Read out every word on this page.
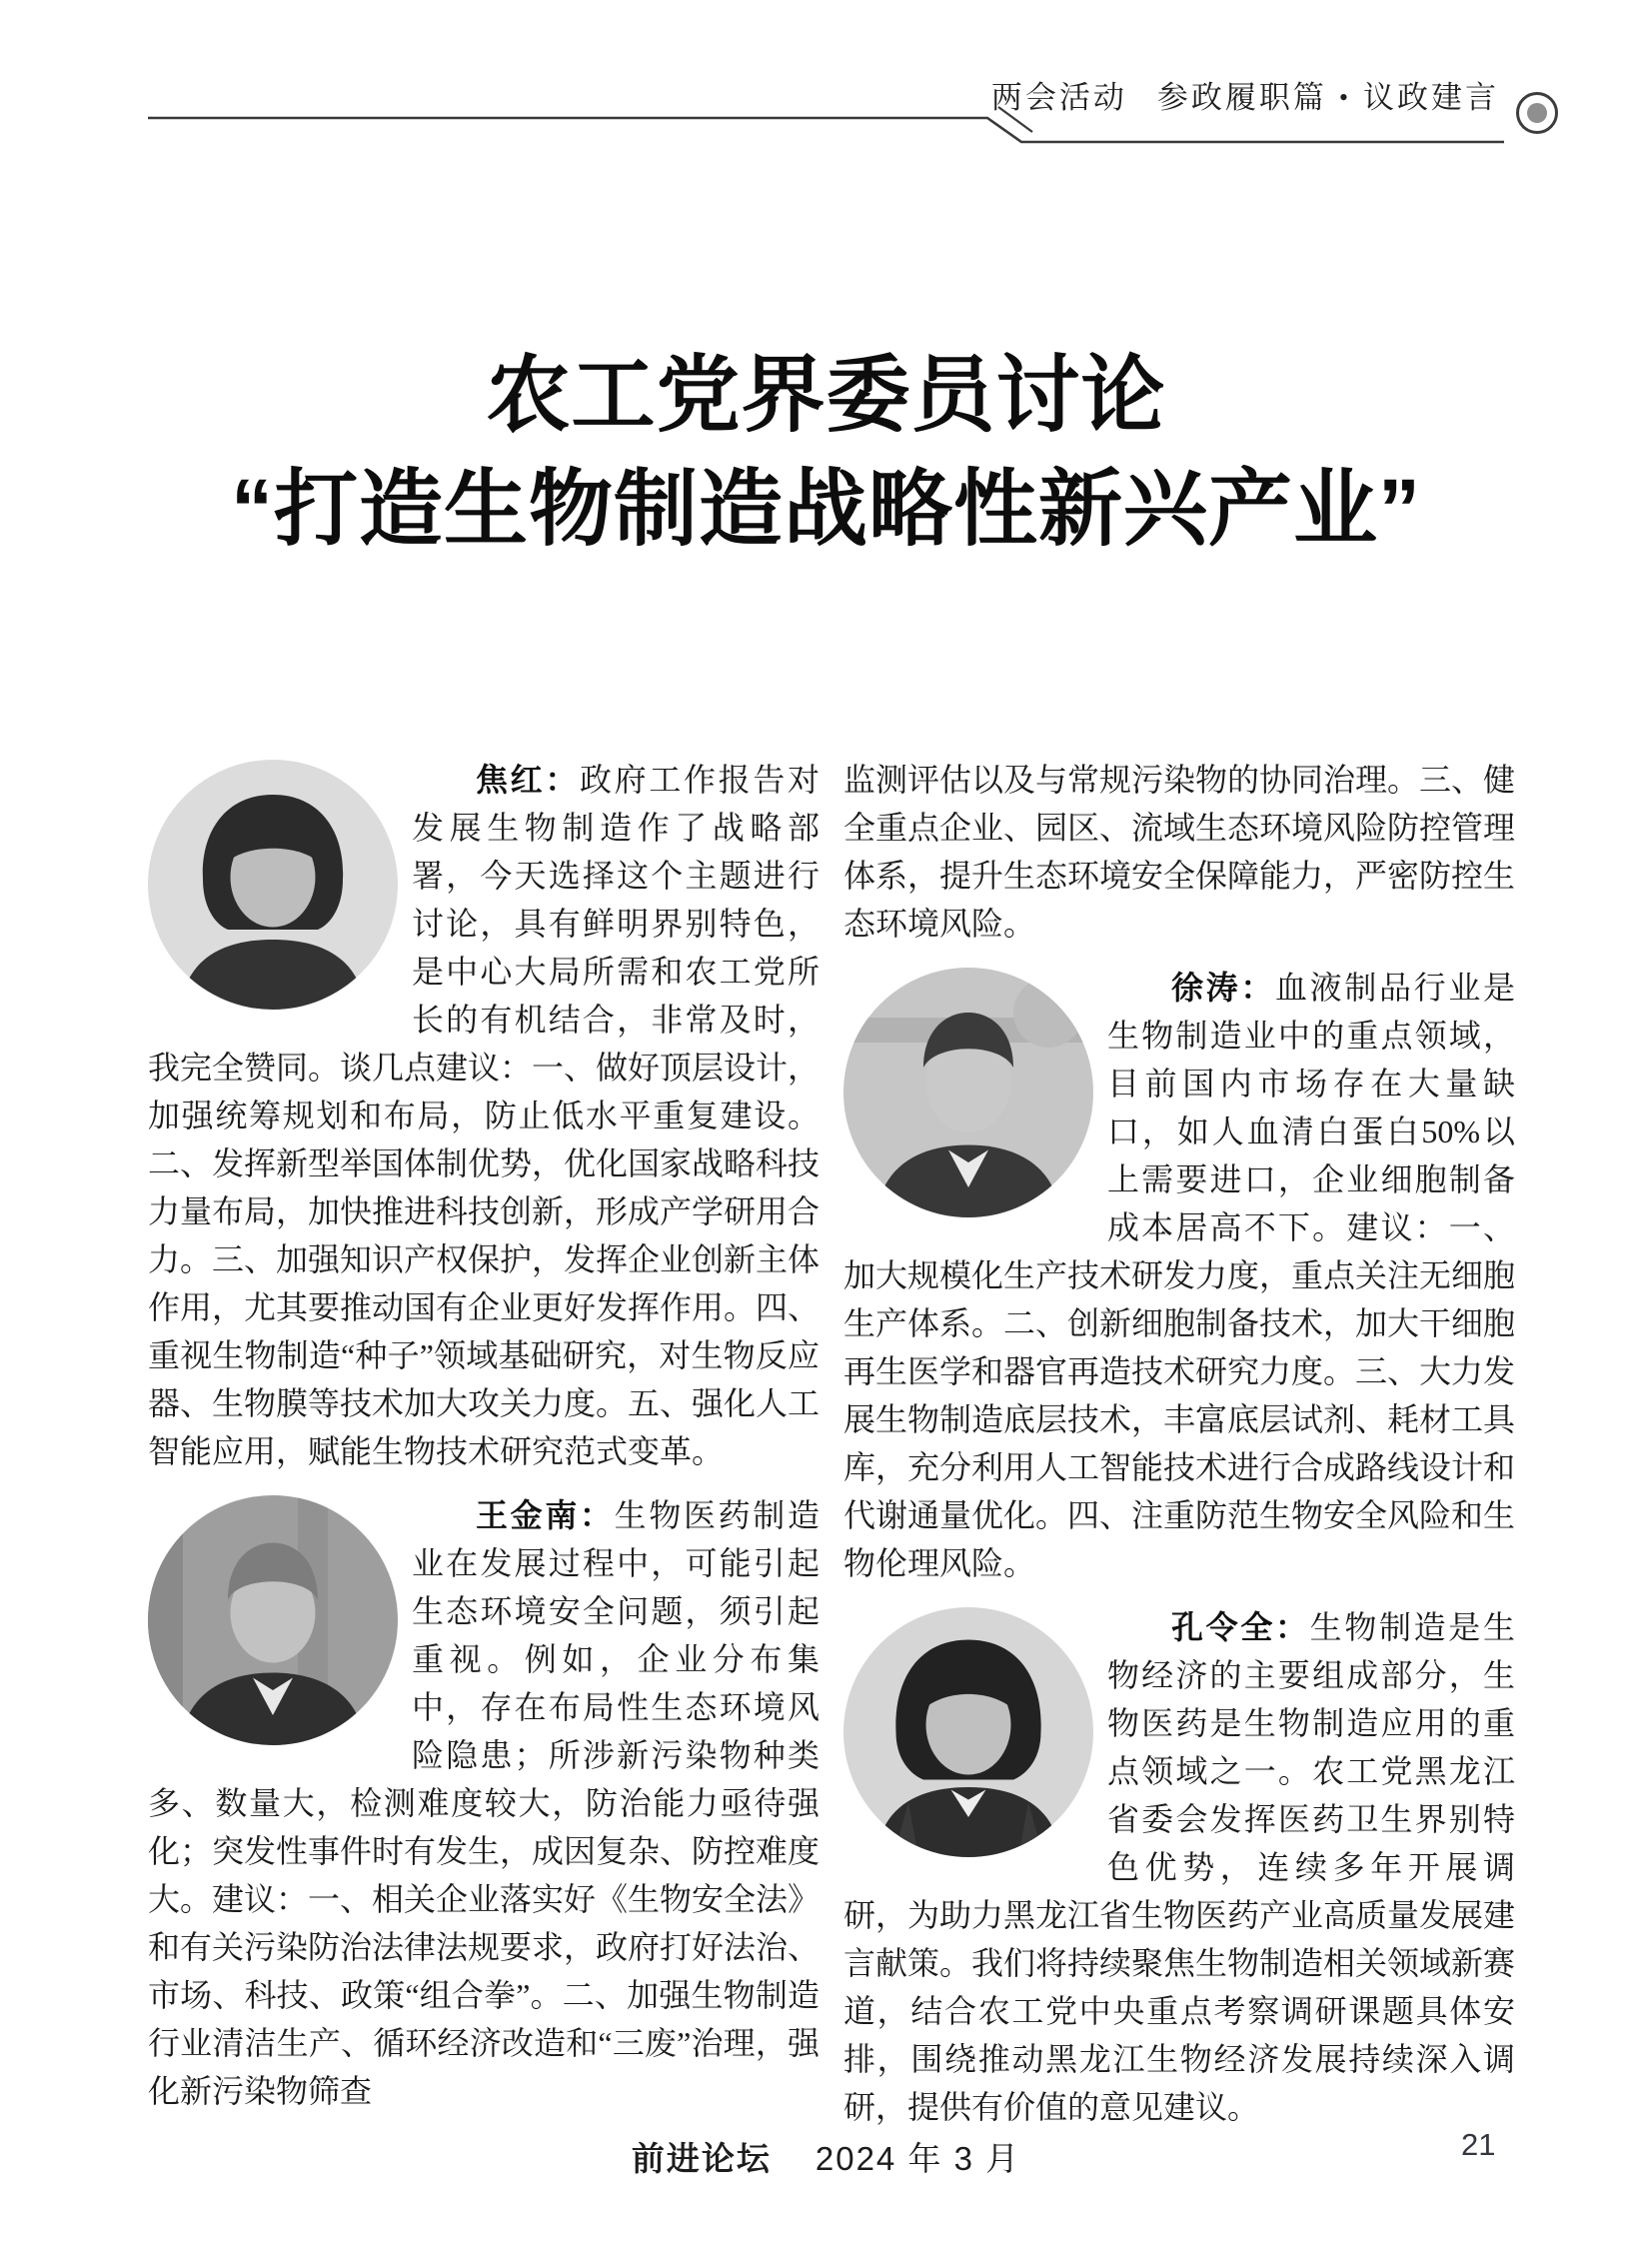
两会活动 参政履职篇 • 议政建言
农工党界委员讨论
“打造生物制造战略性新兴产业”

焦红：政府工作报告对发展生物制造作了战略部署，今天选择这个主题进行讨论，具有鲜明界别特色，是中心大局所需和农工党所长的有机结合，非常及时，我完全赞同。谈几点建议：一、做好顶层设计，加强统筹规划和布局，防止低水平重复建设。二、发挥新型举国体制优势，优化国家战略科技力量布局，加快推进科技创新，形成产学研用合力。三、加强知识产权保护，发挥企业创新主体作用，尤其要推动国有企业更好发挥作用。四、重视生物制造“种子”领域基础研究，对生物反应器、生物膜等技术加大攻关力度。五、强化人工智能应用，赋能生物技术研究范式变革。

王金南：生物医药制造业在发展过程中，可能引起生态环境安全问题，须引起重视。例如，企业分布集中，存在布局性生态环境风险隐患；所涉新污染物种类多、数量大，检测难度较大，防治能力亟待强化；突发性事件时有发生，成因复杂、防控难度大。建议：一、相关企业落实好《生物安全法》和有关污染防治法律法规要求，政府打好法治、市场、科技、政策“组合拳”。二、加强生物制造行业清洁生产、循环经济改造和“三废”治理，强化新污染物筛查

监测评估以及与常规污染物的协同治理。三、健全重点企业、园区、流域生态环境风险防控管理体系，提升生态环境安全保障能力，严密防控生态环境风险。

徐涛：血液制品行业是生物制造业中的重点领域，目前国内市场存在大量缺口，如人血清白蛋白50%以上需要进口，企业细胞制备成本居高不下。建议：一、加大规模化生产技术研发力度，重点关注无细胞生产体系。二、创新细胞制备技术，加大干细胞再生医学和器官再造技术研究力度。三、大力发展生物制造底层技术，丰富底层试剂、耗材工具库，充分利用人工智能技术进行合成路线设计和代谢通量优化。四、注重防范生物安全风险和生物伦理风险。

孔令全：生物制造是生物经济的主要组成部分，生物医药是生物制造应用的重点领域之一。农工党黑龙江省委会发挥医药卫生界别特色优势，连续多年开展调研，为助力黑龙江省生物医药产业高质量发展建言献策。我们将持续聚焦生物制造相关领域新赛道，结合农工党中央重点考察调研课题具体安排，围绕推动黑龙江生物经济发展持续深入调研，提供有价值的意见建议。

前进论坛 2024 年 3 月	21
